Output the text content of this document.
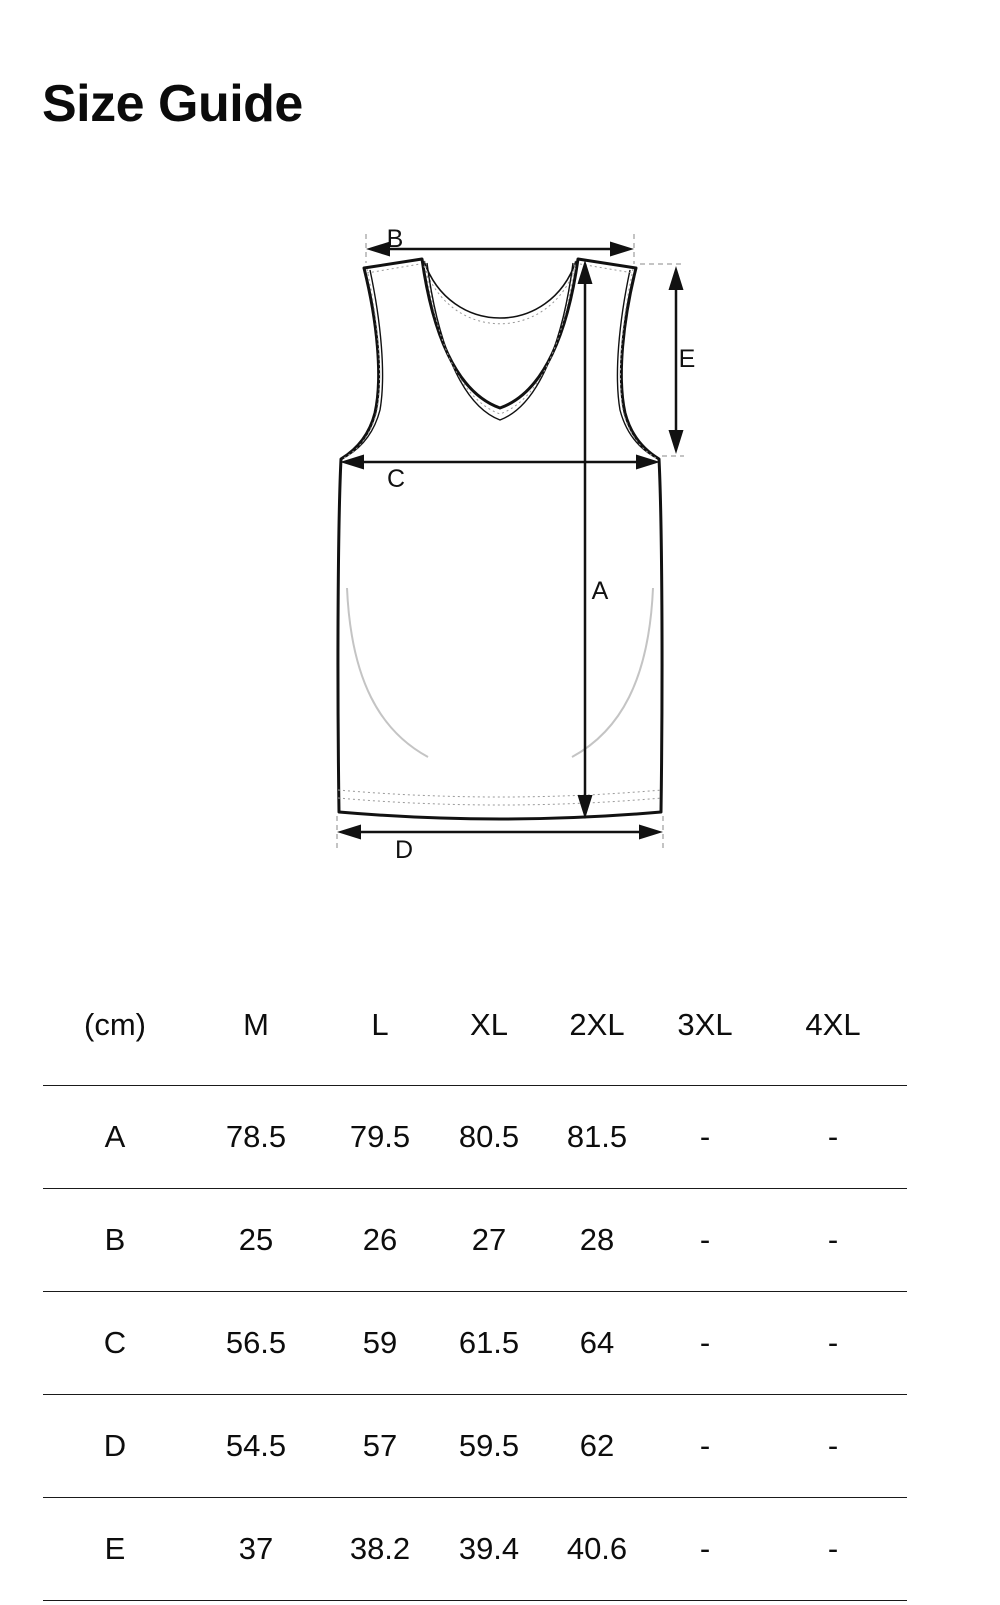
Size Guide
B
C
D
E
A
(cm)	M	L	XL	2XL	3XL	4XL
A	78.5	79.5	80.5	81.5	-	-
B	25	26	27	28	-	-
C	56.5	59	61.5	64	-	-
D	54.5	57	59.5	62	-	-
E	37	38.2	39.4	40.6	-	-
